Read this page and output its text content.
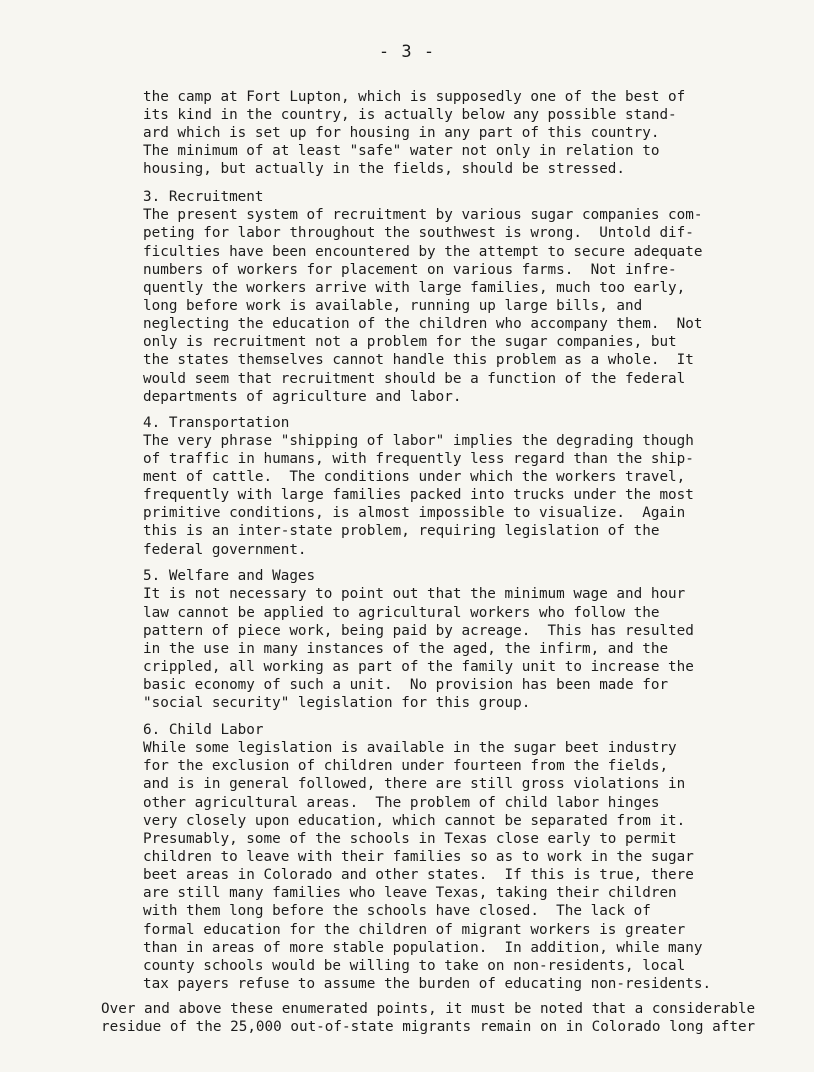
- 3 -

the camp at Fort Lupton, which is supposedly one of the best of

its kind in the country, is actually below any possible stand-

ard which is set up for housing in any part of this country.

The minimum of at least "safe" water not only in relation to

housing, but actually in the fields, should be stressed.

3. Recruitment

The present system of recruitment by various sugar companies com-

peting for labor throughout the southwest is wrong.  Untold dif-

ficulties have been encountered by the attempt to secure adequate

numbers of workers for placement on various farms.  Not infre-

quently the workers arrive with large families, much too early,

long before work is available, running up large bills, and

neglecting the education of the children who accompany them.  Not

only is recruitment not a problem for the sugar companies, but

the states themselves cannot handle this problem as a whole.  It

would seem that recruitment should be a function of the federal

departments of agriculture and labor.

4. Transportation

The very phrase "shipping of labor" implies the degrading though

of traffic in humans, with frequently less regard than the ship-

ment of cattle.  The conditions under which the workers travel,

frequently with large families packed into trucks under the most

primitive conditions, is almost impossible to visualize.  Again

this is an inter-state problem, requiring legislation of the

federal government.

5. Welfare and Wages

It is not necessary to point out that the minimum wage and hour

law cannot be applied to agricultural workers who follow the

pattern of piece work, being paid by acreage.  This has resulted

in the use in many instances of the aged, the infirm, and the

crippled, all working as part of the family unit to increase the

basic economy of such a unit.  No provision has been made for

"social security" legislation for this group.

6. Child Labor

While some legislation is available in the sugar beet industry

for the exclusion of children under fourteen from the fields,

and is in general followed, there are still gross violations in

other agricultural areas.  The problem of child labor hinges

very closely upon education, which cannot be separated from it.

Presumably, some of the schools in Texas close early to permit

children to leave with their families so as to work in the sugar

beet areas in Colorado and other states.  If this is true, there

are still many families who leave Texas, taking their children

with them long before the schools have closed.  The lack of

formal education for the children of migrant workers is greater

than in areas of more stable population.  In addition, while many

county schools would be willing to take on non-residents, local

tax payers refuse to assume the burden of educating non-residents.

Over and above these enumerated points, it must be noted that a considerable

residue of the 25,000 out-of-state migrants remain on in Colorado long after
